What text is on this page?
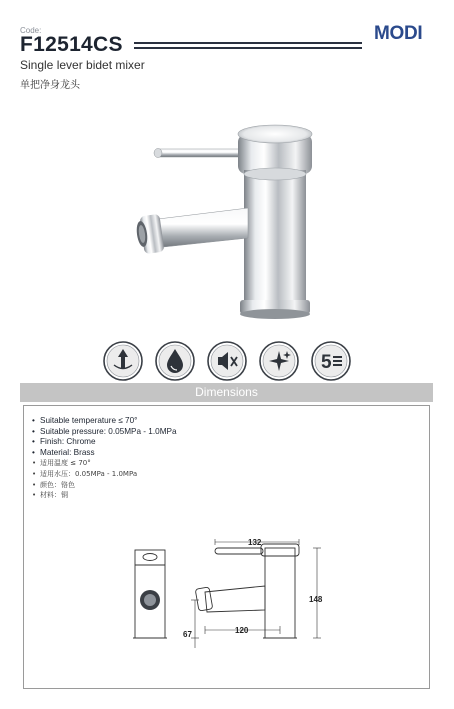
Code:
F12514CS	MODI
Single lever bidet mixer
单把净身龙头
5
Dimensions
• Suitable temperature ≤ 70°
• Suitable pressure: 0.05MPa - 1.0MPa
• Finish: Chrome
• Material: Brass
• 适用温度 ≤ 70°
• 适用水压：0.05MPa - 1.0MPa
• 颜色：铬色
• 材料：铜
132
148
120
67
